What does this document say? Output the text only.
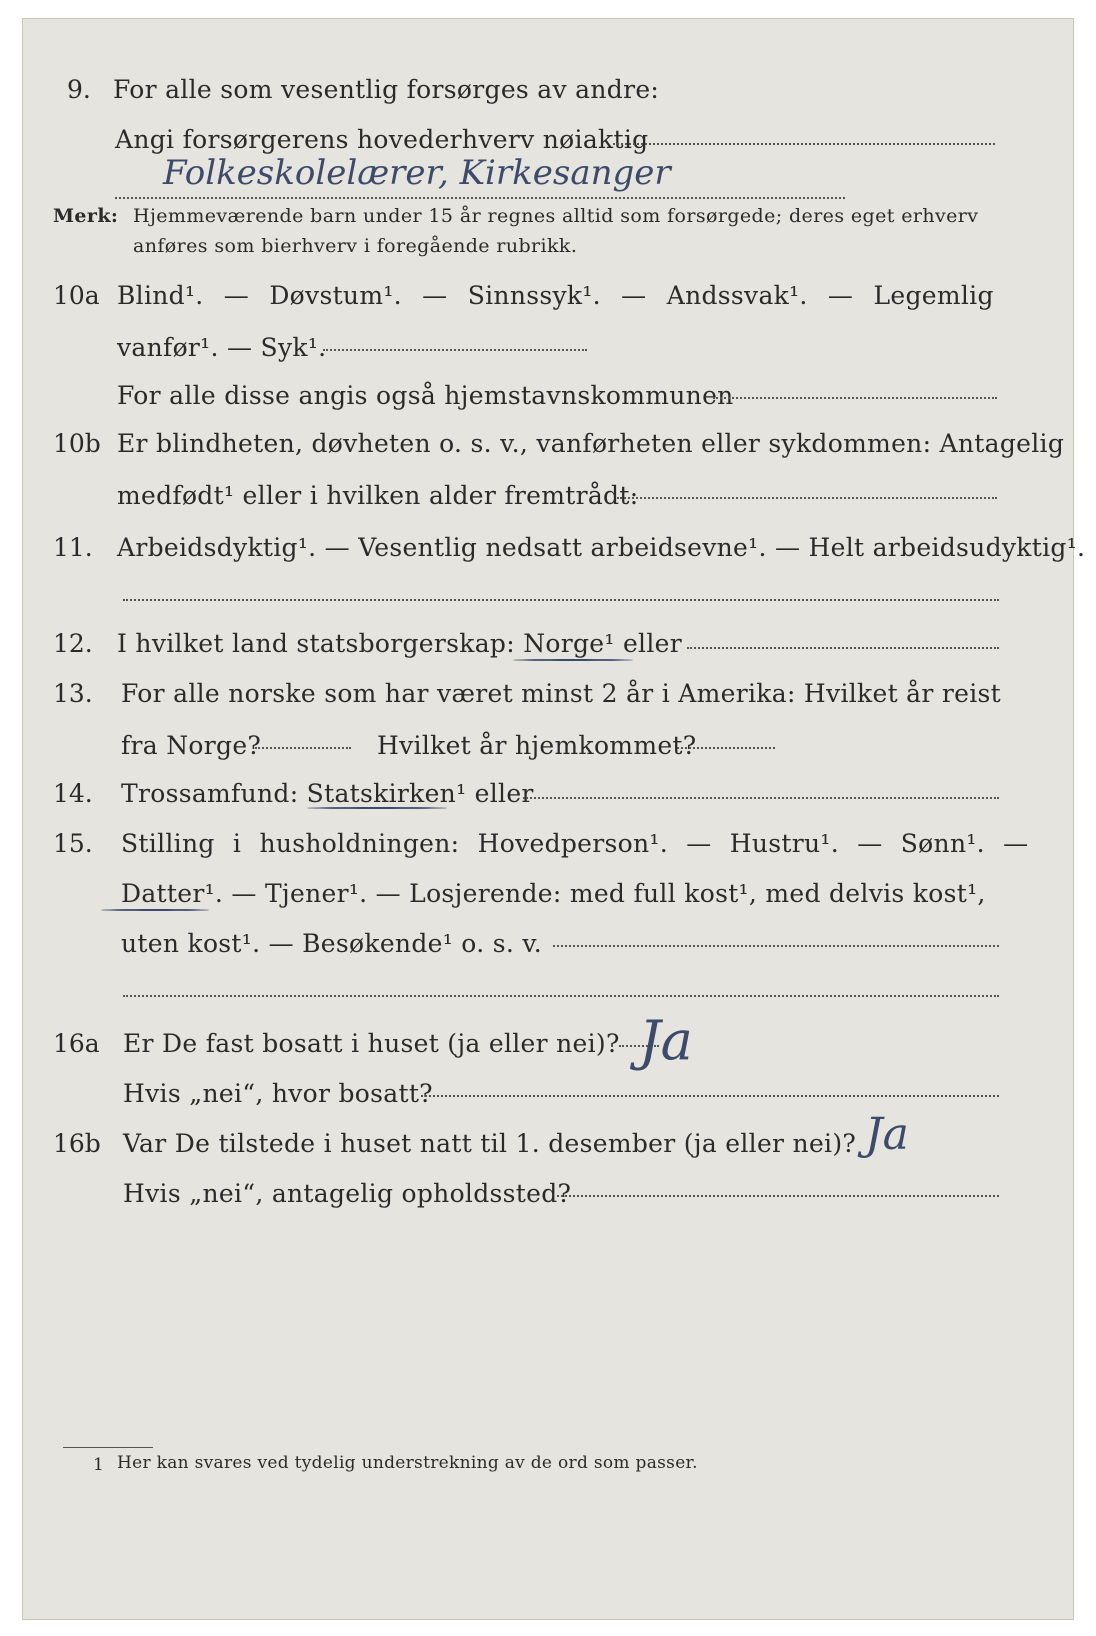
9. For alle som vesentlig forsørges av andre:
Angi forsørgerens hovederhverv nøiaktig
Folkeskolelærer, Kirkesanger
Merk: Hjemmeværende barn under 15 år regnes alltid som forsørgede; deres eget erhverv
anføres som bierhverv i foregående rubrikk.
10a Blind¹. — Døvstum¹. — Sinnssyk¹. — Andssvak¹. — Legemlig
vanfør¹. — Syk¹.
For alle disse angis også hjemstavnskommunen
10b Er blindheten, døvheten o. s. v., vanførheten eller sykdommen: Antagelig
medfødt¹ eller i hvilken alder fremtrådt:
11. Arbeidsdyktig¹. — Vesentlig nedsatt arbeidsevne¹. — Helt arbeidsudyktig¹.
12. I hvilket land statsborgerskap: Norge¹ eller
13. For alle norske som har været minst 2 år i Amerika: Hvilket år reist
fra Norge?	Hvilket år hjemkommet?
14. Trossamfund: Statskirken¹ eller
15. Stilling i husholdningen: Hovedperson¹. — Hustru¹. — Sønn¹. —
Datter¹. — Tjener¹. — Losjerende: med full kost¹, med delvis kost¹,
uten kost¹. — Besøkende¹ o. s. v.
16a Er De fast bosatt i huset (ja eller nei)? Ja
Hvis „nei“, hvor bosatt?
16b Var De tilstede i huset natt til 1. desember (ja eller nei)? Ja
Hvis „nei“, antagelig opholdssted?
1 Her kan svares ved tydelig understrekning av de ord som passer.
